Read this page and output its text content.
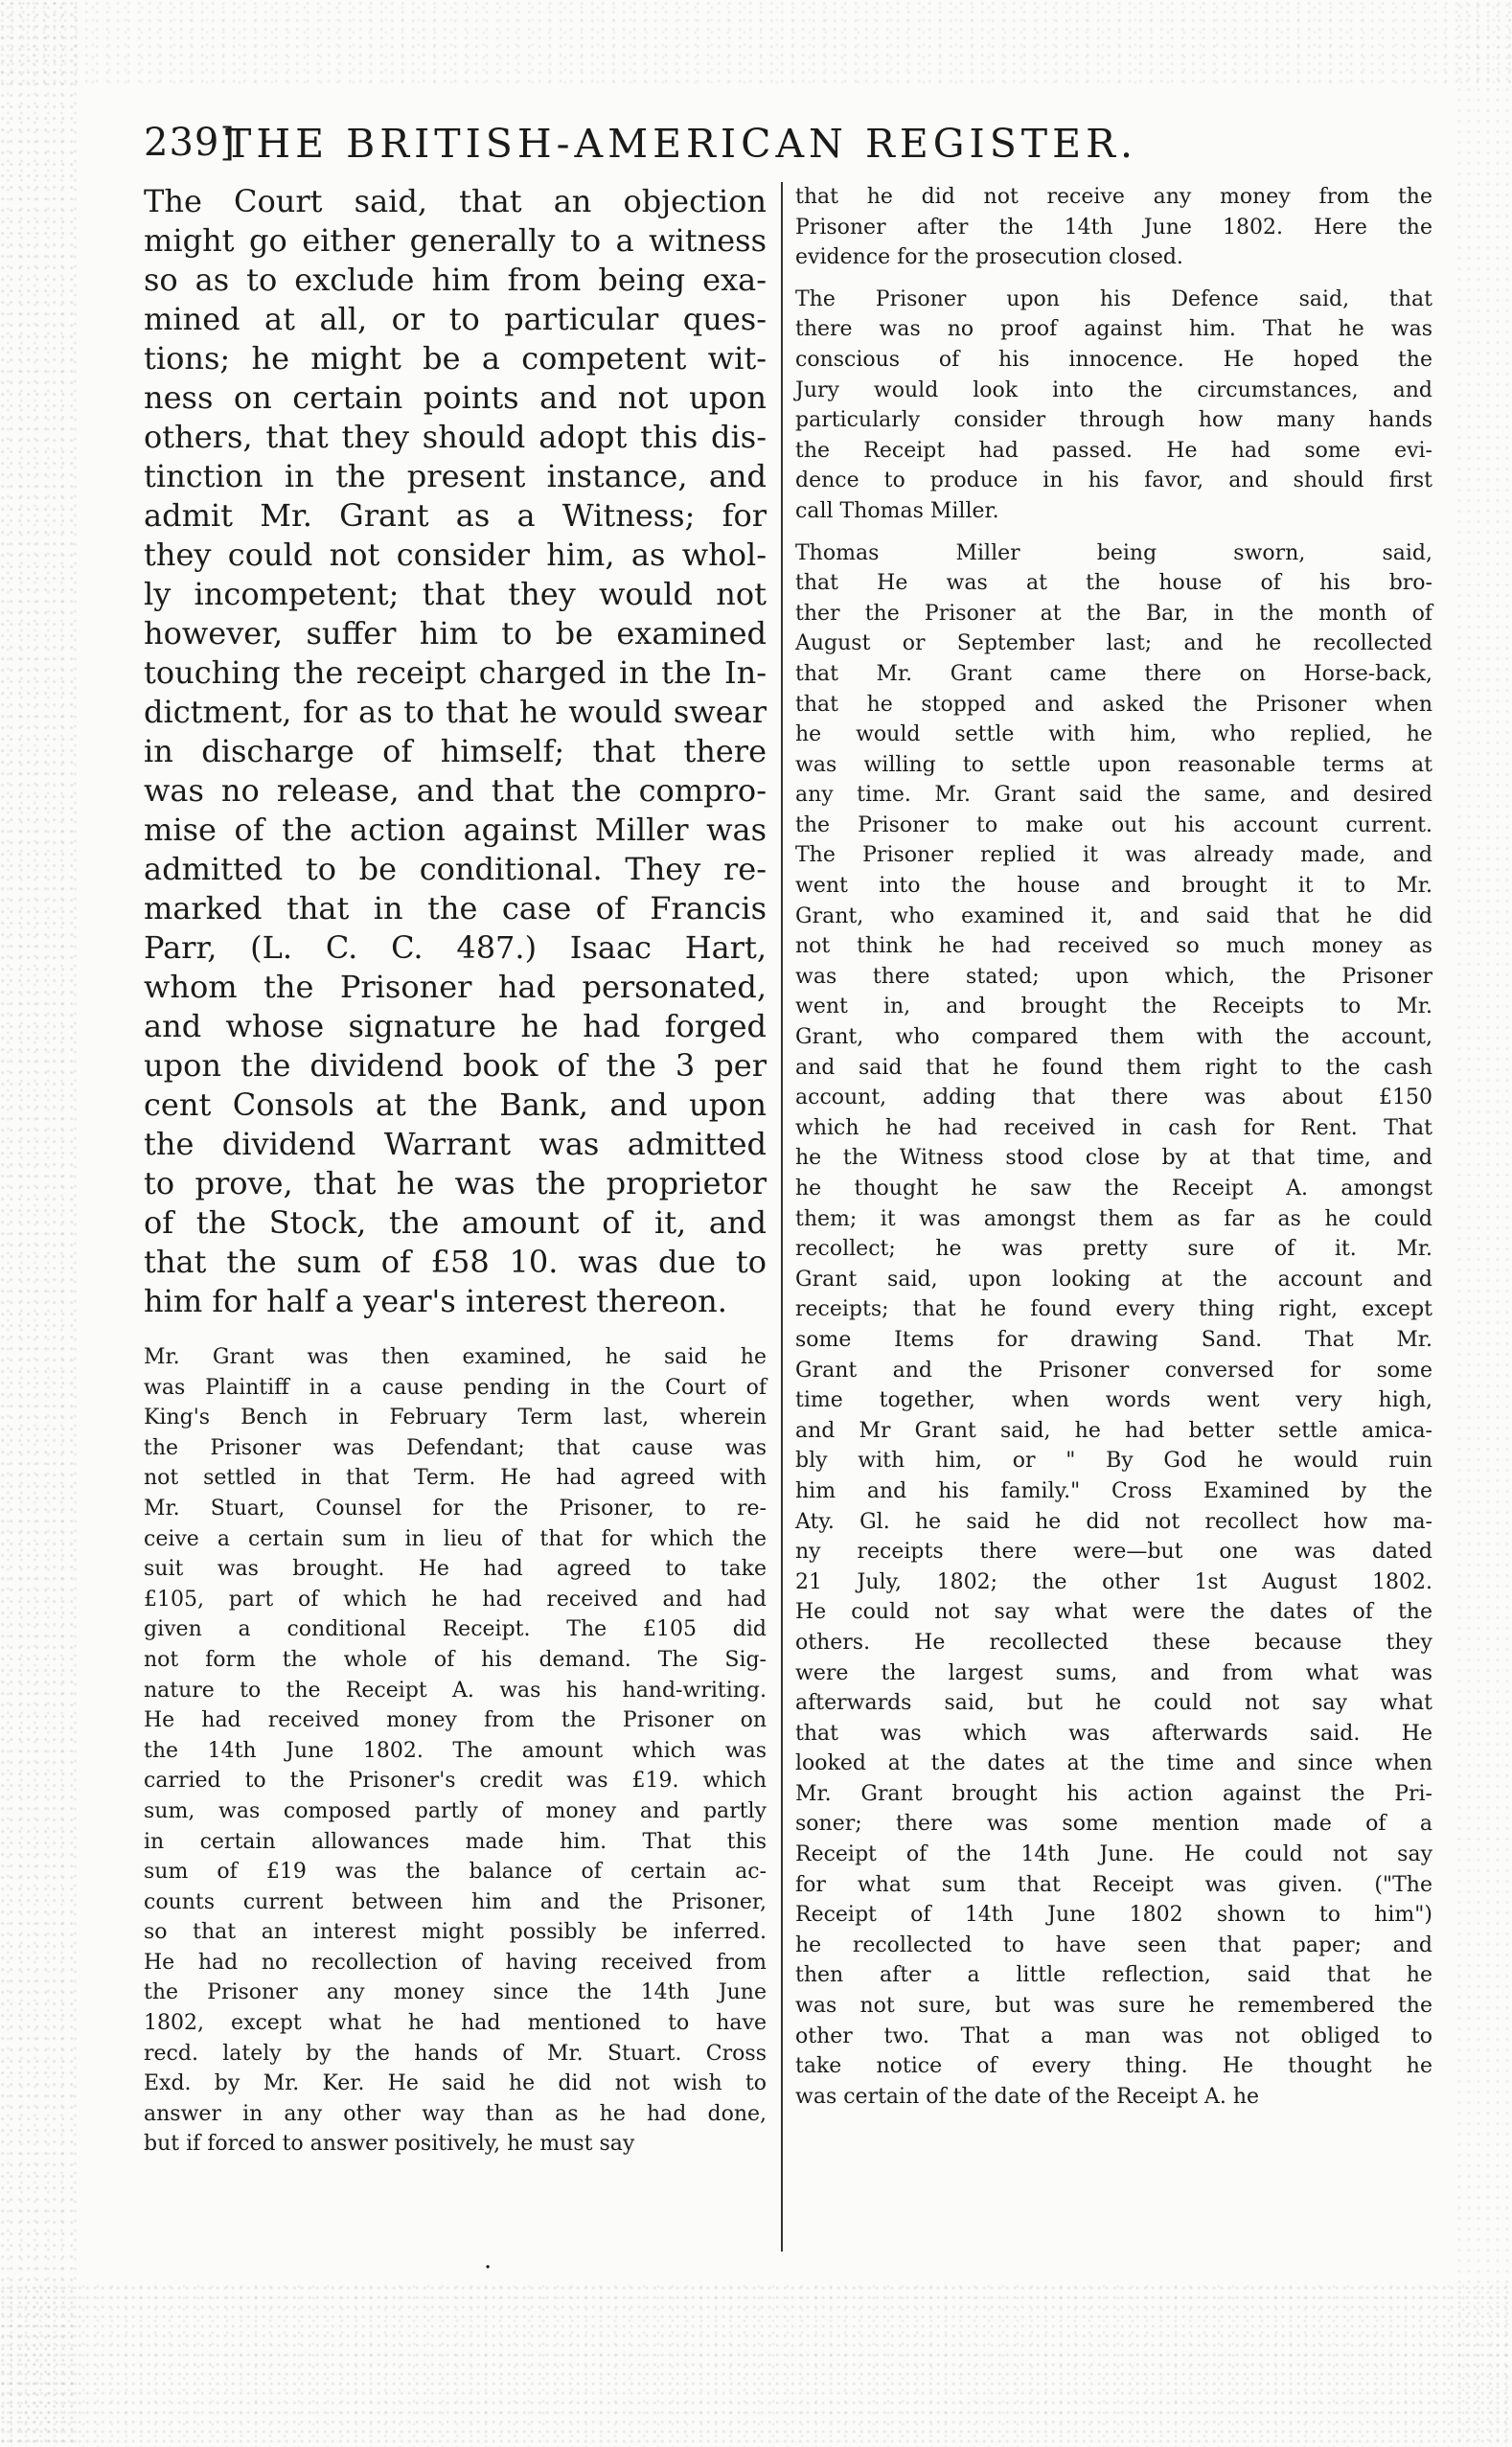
239]
THE BRITISH-AMERICAN REGISTER.
The Court said, that an objection
might go either generally to a witness
so as to exclude him from being exa-
mined at all, or to particular ques-
tions; he might be a competent wit-
ness on certain points and not upon
others, that they should adopt this dis-
tinction in the present instance, and
admit Mr. Grant as a Witness; for
they could not consider him, as whol-
ly incompetent; that they would not
however, suffer him to be examined
touching the receipt charged in the In-
dictment, for as to that he would swear
in discharge of himself; that there
was no release, and that the compro-
mise of the action against Miller was
admitted to be conditional. They re-
marked that in the case of Francis
Parr, (L. C. C. 487.) Isaac Hart,
whom the Prisoner had personated,
and whose signature he had forged
upon the dividend book of the 3 per
cent Consols at the Bank, and upon
the dividend Warrant was admitted
to prove, that he was the proprietor
of the Stock, the amount of it, and
that the sum of £58 10. was due to
him for half a year's interest thereon.
Mr. Grant was then examined, he said he
was Plaintiff in a cause pending in the Court of
King's Bench in February Term last, wherein
the Prisoner was Defendant; that cause was
not settled in that Term. He had agreed with
Mr. Stuart, Counsel for the Prisoner, to re-
ceive a certain sum in lieu of that for which the
suit was brought. He had agreed to take
£105, part of which he had received and had
given a conditional Receipt. The £105 did
not form the whole of his demand. The Sig-
nature to the Receipt A. was his hand-writing.
He had received money from the Prisoner on
the 14th June 1802. The amount which was
carried to the Prisoner's credit was £19. which
sum, was composed partly of money and partly
in certain allowances made him. That this
sum of £19 was the balance of certain ac-
counts current between him and the Prisoner,
so that an interest might possibly be inferred.
He had no recollection of having received from
the Prisoner any money since the 14th June
1802, except what he had mentioned to have
recd. lately by the hands of Mr. Stuart. Cross
Exd. by Mr. Ker. He said he did not wish to
answer in any other way than as he had done,
but if forced to answer positively, he must say
that he did not receive any money from the
Prisoner after the 14th June 1802. Here the
evidence for the prosecution closed.
The Prisoner upon his Defence said, that
there was no proof against him. That he was
conscious of his innocence. He hoped the
Jury would look into the circumstances, and
particularly consider through how many hands
the Receipt had passed. He had some evi-
dence to produce in his favor, and should first
call Thomas Miller.
Thomas Miller being sworn, said,
that He was at the house of his bro-
ther the Prisoner at the Bar, in the month of
August or September last; and he recollected
that Mr. Grant came there on Horse-back,
that he stopped and asked the Prisoner when
he would settle with him, who replied, he
was willing to settle upon reasonable terms at
any time. Mr. Grant said the same, and desired
the Prisoner to make out his account current.
The Prisoner replied it was already made, and
went into the house and brought it to Mr.
Grant, who examined it, and said that he did
not think he had received so much money as
was there stated; upon which, the Prisoner
went in, and brought the Receipts to Mr.
Grant, who compared them with the account,
and said that he found them right to the cash
account, adding that there was about £150
which he had received in cash for Rent. That
he the Witness stood close by at that time, and
he thought he saw the Receipt A. amongst
them; it was amongst them as far as he could
recollect; he was pretty sure of it. Mr.
Grant said, upon looking at the account and
receipts; that he found every thing right, except
some Items for drawing Sand. That Mr.
Grant and the Prisoner conversed for some
time together, when words went very high,
and Mr Grant said, he had better settle amica-
bly with him, or " By God he would ruin
him and his family." Cross Examined by the
Aty. Gl. he said he did not recollect how ma-
ny receipts there were—but one was dated
21 July, 1802; the other 1st August 1802.
He could not say what were the dates of the
others. He recollected these because they
were the largest sums, and from what was
afterwards said, but he could not say what
that was which was afterwards said. He
looked at the dates at the time and since when
Mr. Grant brought his action against the Pri-
soner; there was some mention made of a
Receipt of the 14th June. He could not say
for what sum that Receipt was given. ("The
Receipt of 14th June 1802 shown to him")
he recollected to have seen that paper; and
then after a little reflection, said that he
was not sure, but was sure he remembered the
other two. That a man was not obliged to
take notice of every thing. He thought he
was certain of the date of the Receipt A. he
·
